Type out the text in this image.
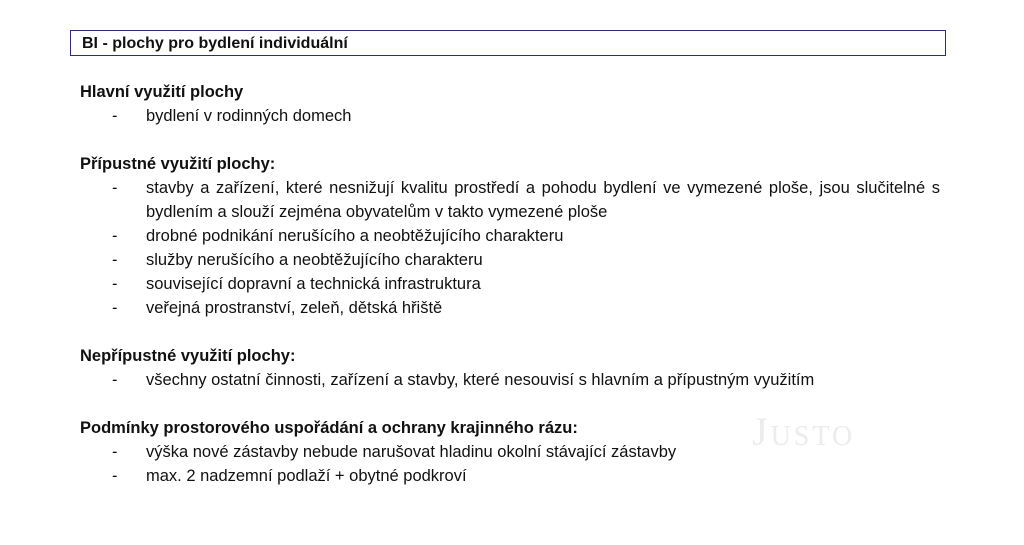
BI - plochy pro bydlení individuální
Justo

Hlavní využití plochy

- bydlení v rodinných domech

Přípustné využití plochy:

- stavby a zařízení, které nesnižují kvalitu prostředí a pohodu bydlení ve vymezené ploše, jsou slučitelné s bydlením a slouží zejména obyvatelům v takto vymezené ploše
- drobné podnikání nerušícího a neobtěžujícího charakteru
- služby nerušícího a neobtěžujícího charakteru
- související dopravní a technická infrastruktura
- veřejná prostranství, zeleň, dětská hřiště

Nepřípustné využití plochy:

- všechny ostatní činnosti, zařízení a stavby, které nesouvisí s hlavním a přípustným využitím

Podmínky prostorového uspořádání a ochrany krajinného rázu:

- výška nové zástavby nebude narušovat hladinu okolní stávající zástavby
- max. 2 nadzemní podlaží + obytné podkroví
